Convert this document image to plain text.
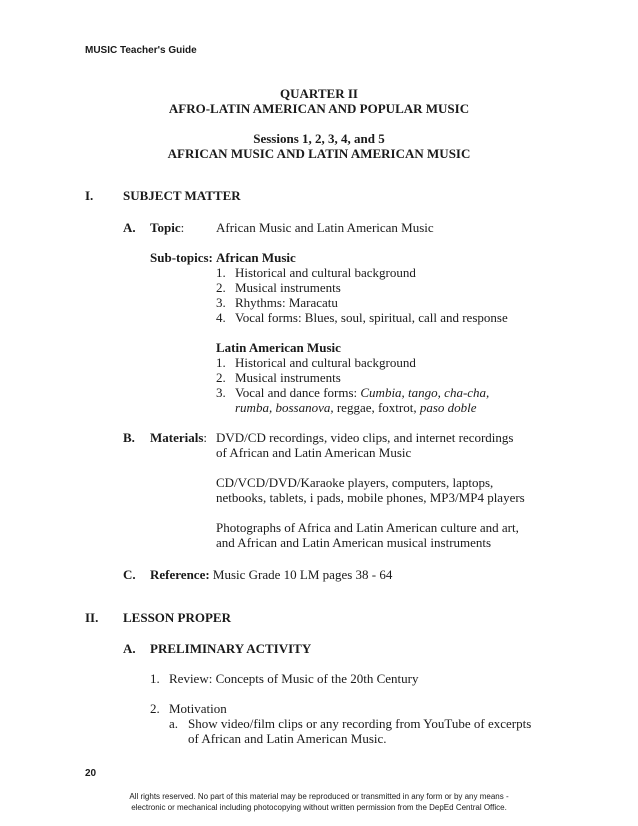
MUSIC Teacher's Guide
QUARTER II
AFRO-LATIN AMERICAN AND POPULAR MUSIC
Sessions 1, 2, 3, 4, and 5
AFRICAN MUSIC AND LATIN AMERICAN MUSIC
I. SUBJECT MATTER
A. Topic: African Music and Latin American Music
Sub-topics: African Music
1. Historical and cultural background
2. Musical instruments
3. Rhythms: Maracatu
4. Vocal forms: Blues, soul, spiritual, call and response
Latin American Music
1. Historical and cultural background
2. Musical instruments
3. Vocal and dance forms: Cumbia, tango, cha-cha,
rumba, bossanova, reggae, foxtrot, paso doble
B. Materials: DVD/CD recordings, video clips, and internet recordings
of African and Latin American Music
CD/VCD/DVD/Karaoke players, computers, laptops,
netbooks, tablets, i pads, mobile phones, MP3/MP4 players
Photographs of Africa and Latin American culture and art,
and African and Latin American musical instruments
C. Reference: Music Grade 10 LM pages 38 - 64
II. LESSON PROPER
A. PRELIMINARY ACTIVITY
1. Review: Concepts of Music of the 20th Century
2. Motivation
a. Show video/film clips or any recording from YouTube of excerpts
of African and Latin American Music.
20
All rights reserved. No part of this material may be reproduced or transmitted in any form or by any means -
electronic or mechanical including photocopying without written permission from the DepEd Central Office.
